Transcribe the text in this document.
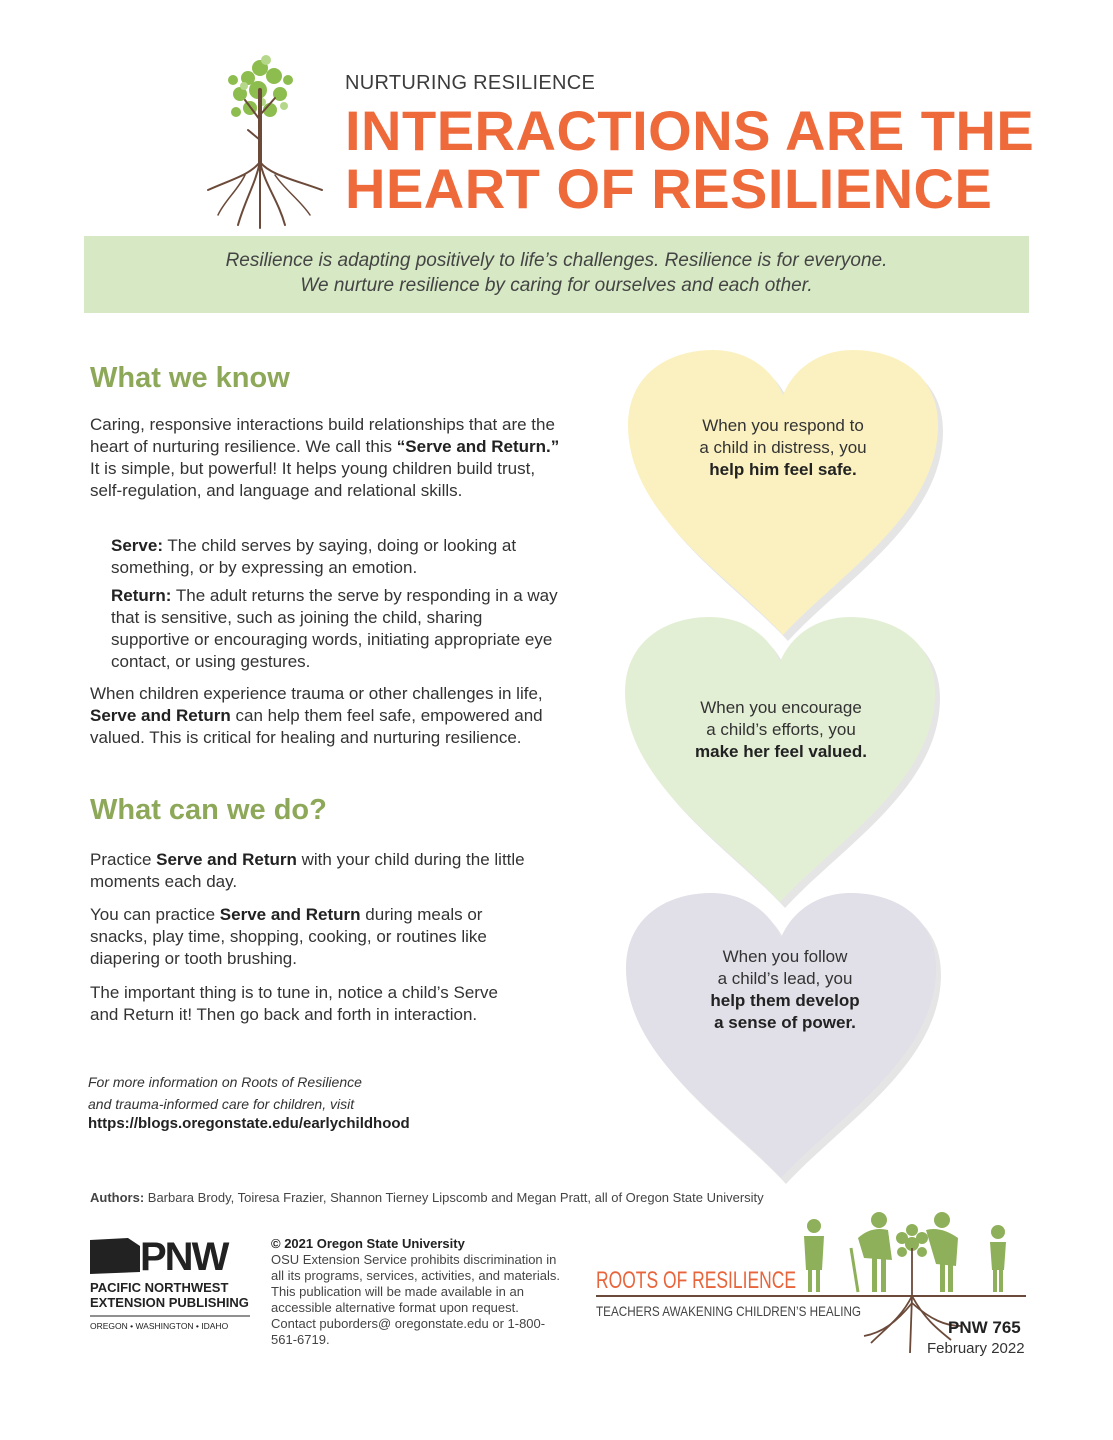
NURTURING RESILIENCE
INTERACTIONS ARE THE
HEART OF RESILIENCE

Resilience is adapting positively to life’s challenges. Resilience is for everyone.

We nurture resilience by caring for ourselves and each other.

What we know

Caring, responsive interactions build relationships that are the heart of nurturing resilience. We call this “Serve and Return.” It is simple, but powerful! It helps young children build trust, self-regulation, and language and relational skills.

Serve: The child serves by saying, doing or looking at something, or by expressing an emotion.

Return: The adult returns the serve by responding in a way that is sensitive, such as joining the child, sharing supportive or encouraging words, initiating appropriate eye contact, or using gestures.

When children experience trauma or other challenges in life, Serve and Return can help them feel safe, empowered and valued. This is critical for healing and nurturing resilience.

What can we do?

Practice Serve and Return with your child during the little moments each day.

You can practice Serve and Return during meals or snacks, play time, shopping, cooking, or routines like diapering or tooth brushing.

The important thing is to tune in, notice a child’s Serve and Return it! Then go back and forth in interaction.

For more information on Roots of Resilience
and trauma-informed care for children, visit
https://blogs.oregonstate.edu/earlychildhood
When you respond to
a child in distress, you
help him feel safe.
When you encourage
a child’s efforts, you
make her feel valued.
When you follow
a child’s lead, you
help them develop
a sense of power.
Authors: Barbara Brody, Toiresa Frazier, Shannon Tierney Lipscomb and Megan Pratt, all of Oregon State University
PNW
PACIFIC NORTHWEST
EXTENSION PUBLISHING
OREGON • WASHINGTON • IDAHO
© 2021 Oregon State University
OSU Extension Service prohibits discrimination in all its programs, services, activities, and materials. This publication will be made available in an accessible alternative format upon request. Contact puborders@ oregonstate.edu or 1-800-561-6719.
ROOTS OF RESILIENCE
TEACHERS AWAKENING CHILDREN’S HEALING
PNW 765
February 2022
